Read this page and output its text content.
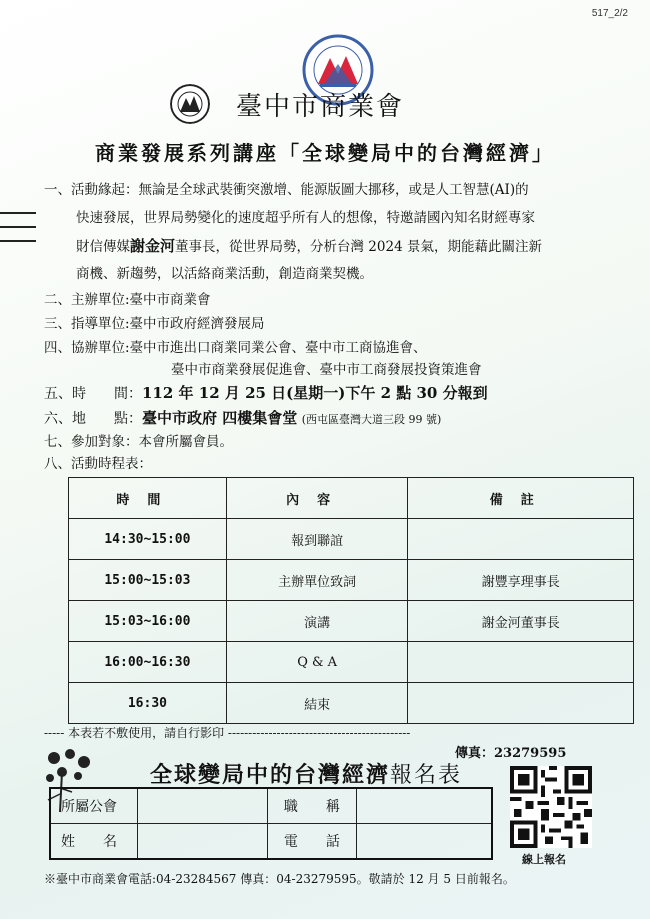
517_2/2
臺中市商業會
商業發展系列講座「全球變局中的台灣經濟」
一、活動緣起：無論是全球武裝衝突激增、能源版圖大挪移，或是人工智慧(AI)的
快速發展，世界局勢變化的速度超乎所有人的想像，特邀請國內知名財經專家
財信傳媒謝金河董事長，從世界局勢，分析台灣 2024 景氣，期能藉此關注新
商機、新趨勢，以活絡商業活動，創造商業契機。
二、主辦單位:臺中市商業會
三、指導單位:臺中市政府經濟發展局
四、協辦單位:臺中市進出口商業同業公會、臺中市工商協進會、
臺中市商業發展促進會、臺中市工商發展投資策進會
五、時　　間：112 年 12 月 25 日(星期一)下午 2 點 30 分報到
六、地　　點：臺中市政府 四樓集會堂 (西屯區臺灣大道三段 99 號)
七、參加對象：本會所屬會員。
八、活動時程表：
時間	內容	備註
14:30~15:00	報到聯誼	
15:00~15:03	主辦單位致詞	謝豐享理事長
15:03~16:00	演講	謝金河董事長
16:00~16:30	Q & A	
16:30	結束	
----- 本表若不敷使用，請自行影印 ---------------------------------------------
傳真：23279595
全球變局中的台灣經濟報名表
所屬公會		職　　稱	
姓　　名		電　　話	
線上報名
※臺中市商業會電話:04-23284567 傳真：04-23279595。敬請於 12 月 5 日前報名。
